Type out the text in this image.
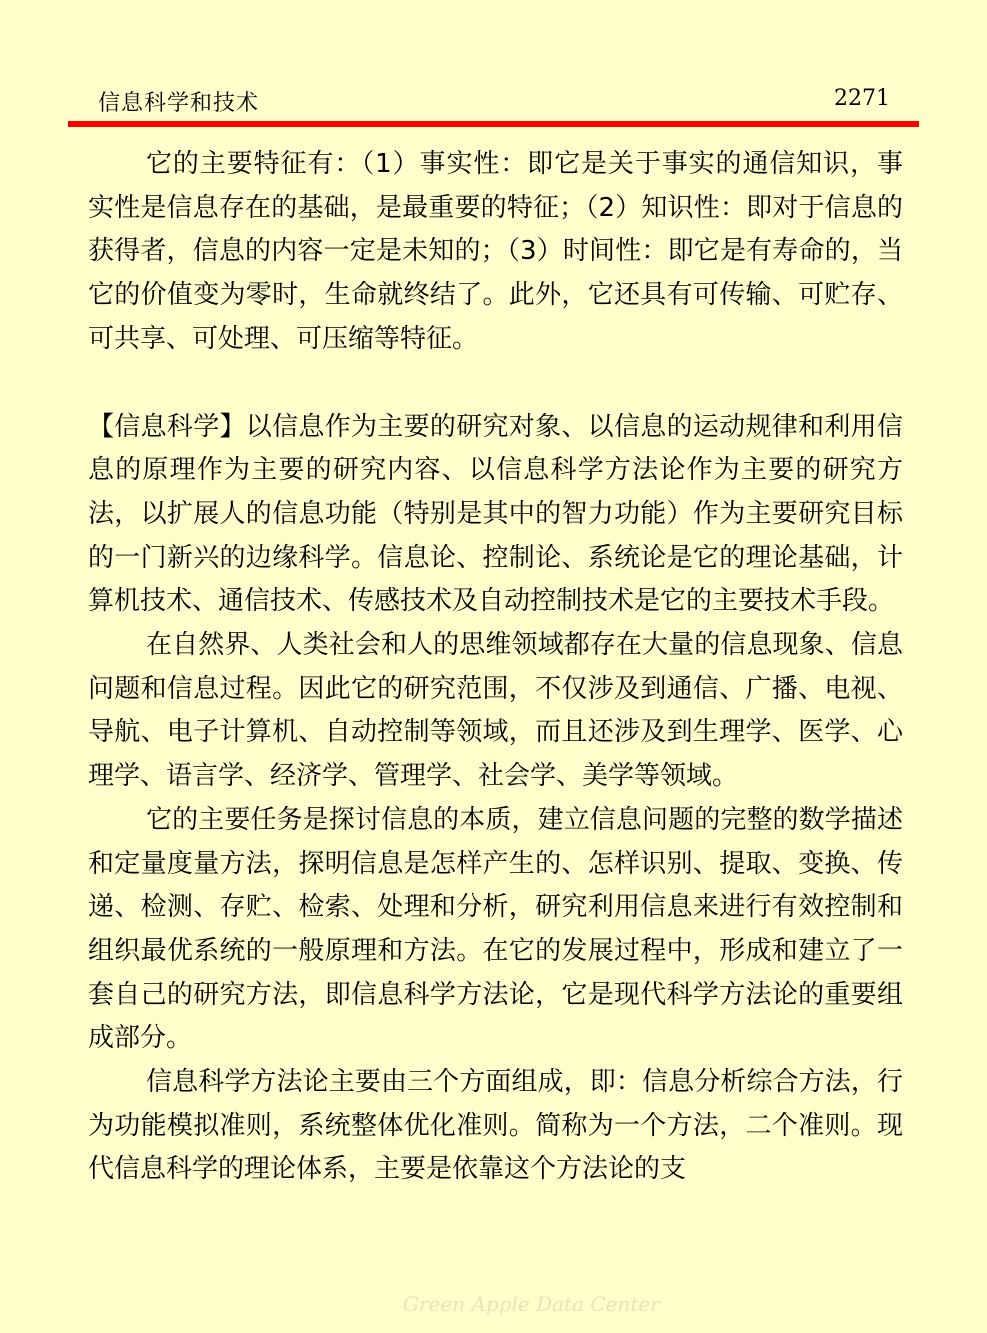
信息科学和技术	2271

它的主要特征有：（1）事实性：即它是关于事实的通信知识，事实性是信息存在的基础，是最重要的特征；（2）知识性：即对于信息的获得者，信息的内容一定是未知的；（3）时间性：即它是有寿命的，当它的价值变为零时，生命就终结了。此外，它还具有可传输、可贮存、可共享、可处理、可压缩等特征。

【信息科学】以信息作为主要的研究对象、以信息的运动规律和利用信息的原理作为主要的研究内容、以信息科学方法论作为主要的研究方法，以扩展人的信息功能（特别是其中的智力功能）作为主要研究目标的一门新兴的边缘科学。信息论、控制论、系统论是它的理论基础，计算机技术、通信技术、传感技术及自动控制技术是它的主要技术手段。

在自然界、人类社会和人的思维领域都存在大量的信息现象、信息问题和信息过程。因此它的研究范围，不仅涉及到通信、广播、电视、导航、电子计算机、自动控制等领域，而且还涉及到生理学、医学、心理学、语言学、经济学、管理学、社会学、美学等领域。

它的主要任务是探讨信息的本质，建立信息问题的完整的数学描述和定量度量方法，探明信息是怎样产生的、怎样识别、提取、变换、传递、检测、存贮、检索、处理和分析，研究利用信息来进行有效控制和组织最优系统的一般原理和方法。在它的发展过程中，形成和建立了一套自己的研究方法，即信息科学方法论，它是现代科学方法论的重要组成部分。

信息科学方法论主要由三个方面组成，即：信息分析综合方法，行为功能模拟准则，系统整体优化准则。简称为一个方法，二个准则。现代信息科学的理论体系，主要是依靠这个方法论的支

Green Apple Data Center
